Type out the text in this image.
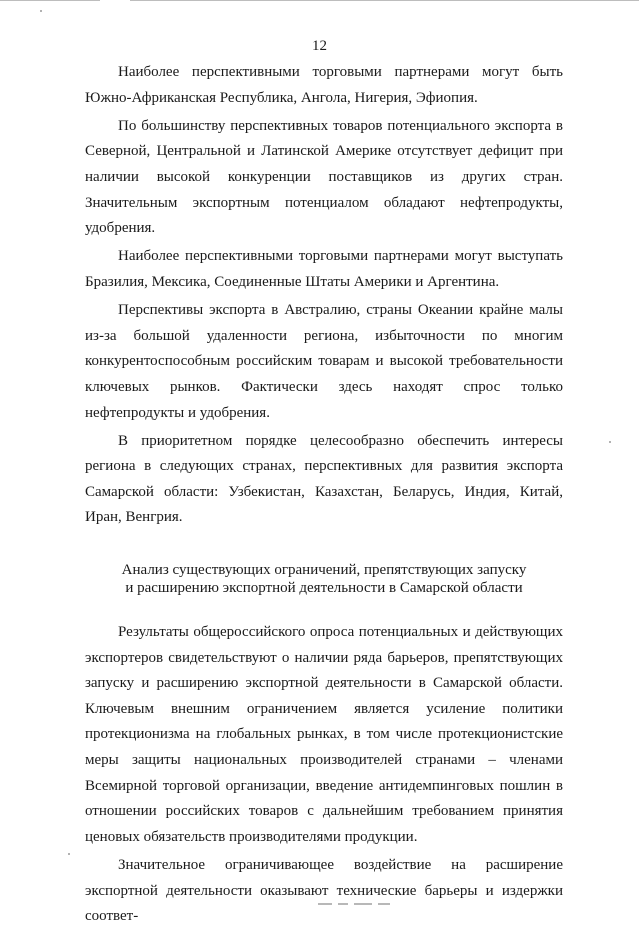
12

Наиболее перспективными торговыми партнерами могут быть Южно-Африканская Республика, Ангола, Нигерия, Эфиопия.

По большинству перспективных товаров потенциального экспорта в Северной, Центральной и Латинской Америке отсутствует дефицит при наличии высокой конкуренции поставщиков из других стран. Значительным экспортным потенциалом обладают нефтепродукты, удобрения.

Наиболее перспективными торговыми партнерами могут выступать Бразилия, Мексика, Соединенные Штаты Америки и Аргентина.

Перспективы экспорта в Австралию, страны Океании крайне малы из-за большой удаленности региона, избыточности по многим конкурентоспособным российским товарам и высокой требовательности ключевых рынков. Фактически здесь находят спрос только нефтепродукты и удобрения.

В приоритетном порядке целесообразно обеспечить интересы региона в следующих странах, перспективных для развития экспорта Самарской области: Узбекистан, Казахстан, Беларусь, Индия, Китай, Иран, Венгрия.

Анализ существующих ограничений, препятствующих запуску
и расширению экспортной деятельности в Самарской области

Результаты общероссийского опроса потенциальных и действующих экспортеров свидетельствуют о наличии ряда барьеров, препятствующих запуску и расширению экспортной деятельности в Самарской области. Ключевым внешним ограничением является усиление политики протекционизма на глобальных рынках, в том числе протекционистские меры защиты национальных производителей странами – членами Всемирной торговой организации, введение антидемпинговых пошлин в отношении российских товаров с дальнейшим требованием принятия ценовых обязательств производителями продукции.

Значительное ограничивающее воздействие на расширение экспортной деятельности оказывают технические барьеры и издержки соответ-
